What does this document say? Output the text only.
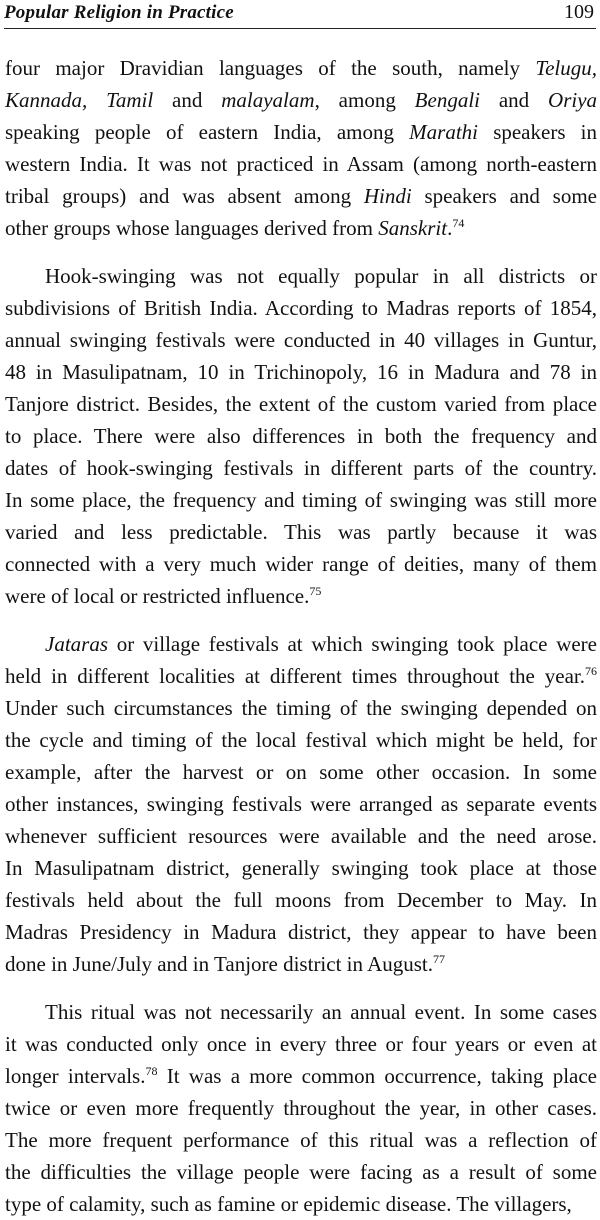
Popular Religion in Practice	109

four major Dravidian languages of the south, namely Telugu,
Kannada, Tamil and malayalam, among Bengali and Oriya
speaking people of eastern India, among Marathi speakers in
western India. It was not practiced in Assam (among north-eastern
tribal groups) and was absent among Hindi speakers and some
other groups whose languages derived from Sanskrit.$^{74}$

Hook-swinging was not equally popular in all districts or
subdivisions of British India. According to Madras reports of 1854,
annual swinging festivals were conducted in 40 villages in Guntur,
48 in Masulipatnam, 10 in Trichinopoly, 16 in Madura and 78 in
Tanjore district. Besides, the extent of the custom varied from place
to place. There were also differences in both the frequency and
dates of hook-swinging festivals in different parts of the country.
In some place, the frequency and timing of swinging was still more
varied and less predictable. This was partly because it was
connected with a very much wider range of deities, many of them
were of local or restricted influence.$^{75}$

Jataras or village festivals at which swinging took place were
held in different localities at different times throughout the year.$^{76}$
Under such circumstances the timing of the swinging depended on
the cycle and timing of the local festival which might be held, for
example, after the harvest or on some other occasion. In some
other instances, swinging festivals were arranged as separate events
whenever sufficient resources were available and the need arose.
In Masulipatnam district, generally swinging took place at those
festivals held about the full moons from December to May. In
Madras Presidency in Madura district, they appear to have been
done in June/July and in Tanjore district in August.$^{77}$

This ritual was not necessarily an annual event. In some cases
it was conducted only once in every three or four years or even at
longer intervals.$^{78}$ It was a more common occurrence, taking place
twice or even more frequently throughout the year, in other cases.
The more frequent performance of this ritual was a reflection of
the difficulties the village people were facing as a result of some
type of calamity, such as famine or epidemic disease. The villagers,
